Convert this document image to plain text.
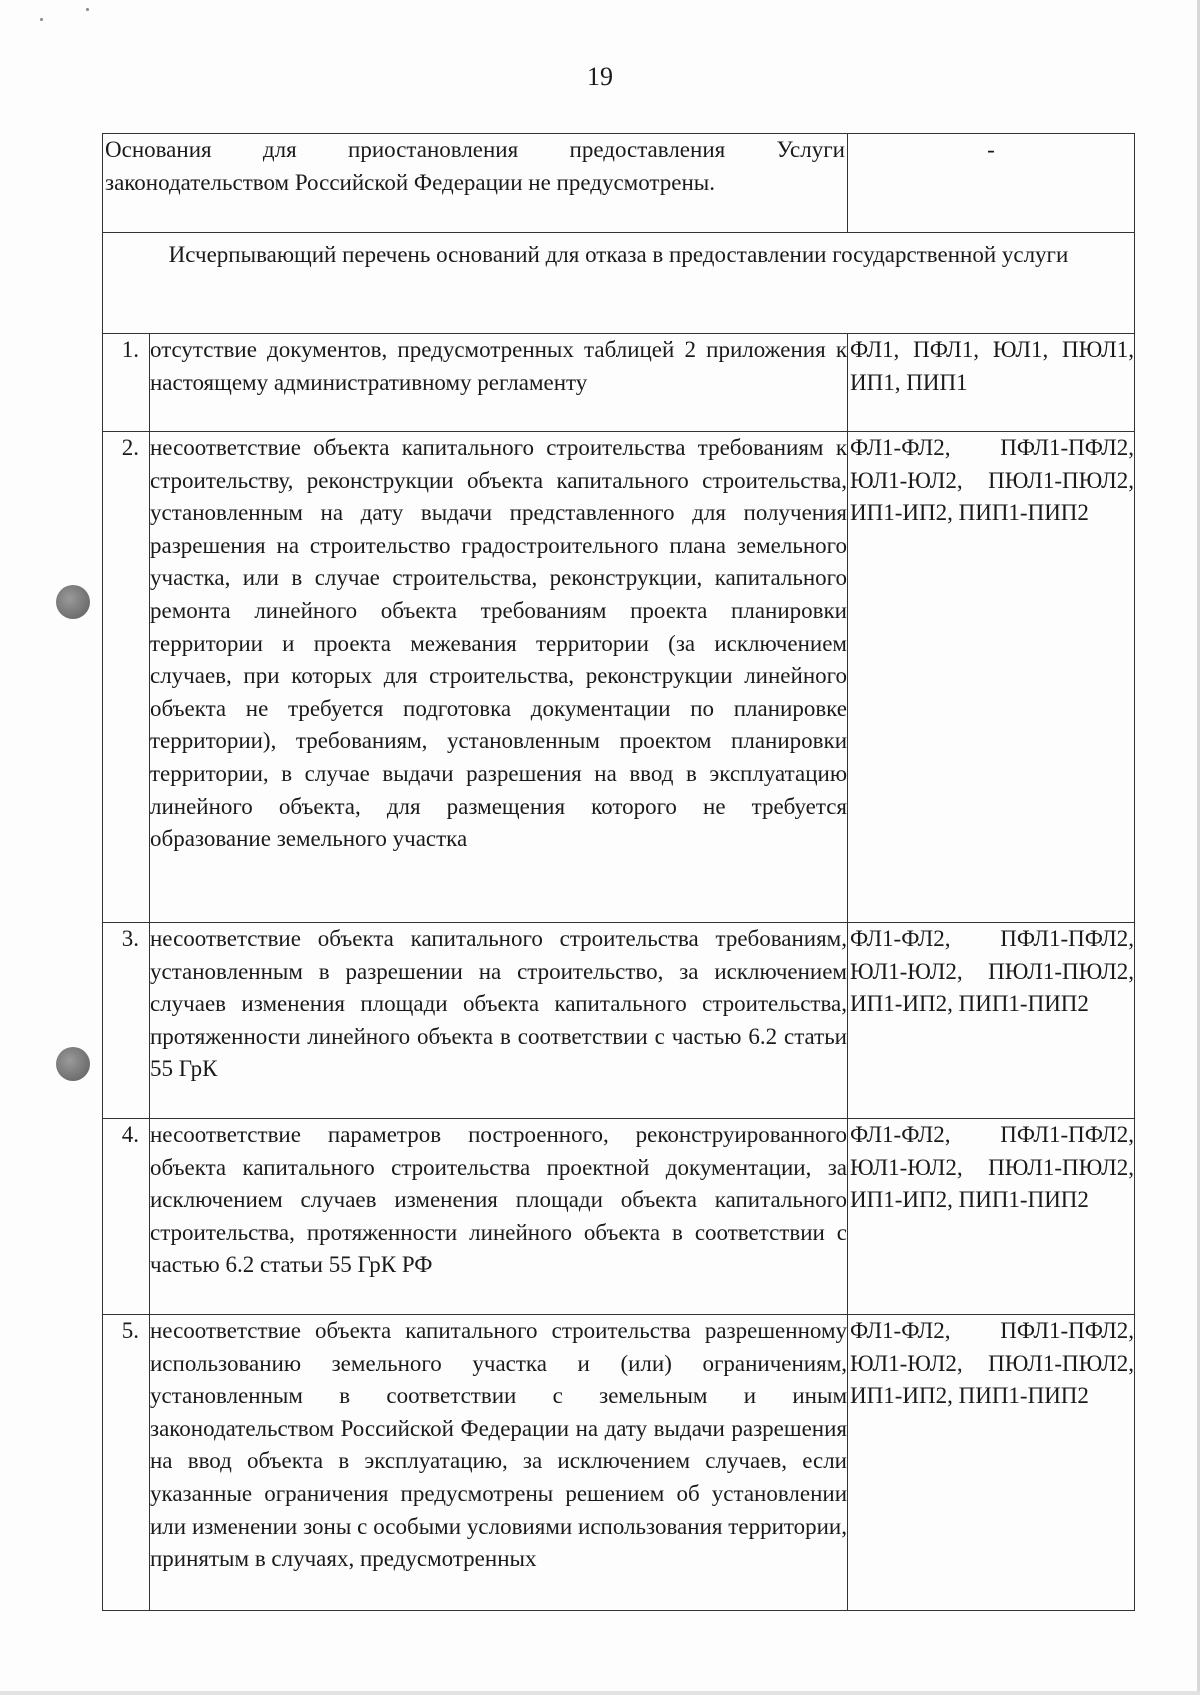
19
Основания для приостановления предоставления Услуги законодательством Российской Федерации не предусмотрены.		-
Исчерпывающий перечень оснований для отказа в предоставлении государственной услуги		
1.	отсутствие документов, предусмотренных таблицей 2 приложения к настоящему административному регламенту	ФЛ1, ПФЛ1, ЮЛ1, ПЮЛ1, ИП1, ПИП1
2.	несоответствие объекта капитального строительства требованиям к строительству, реконструкции объекта капитального строительства, установленным на дату выдачи представленного для получения разрешения на строительство градостроительного плана земельного участка, или в случае строительства, реконструкции, капитального ремонта линейного объекта требованиям проекта планировки территории и проекта межевания территории (за исключением случаев, при которых для строительства, реконструкции линейного объекта не требуется подготовка документации по планировке территории), требованиям, установленным проектом планировки территории, в случае выдачи разрешения на ввод в эксплуатацию линейного объекта, для размещения которого не требуется образование земельного участка	ФЛ1-ФЛ2, ПФЛ1-ПФЛ2, ЮЛ1-ЮЛ2, ПЮЛ1-ПЮЛ2, ИП1-ИП2, ПИП1-ПИП2
3.	несоответствие объекта капитального строительства требованиям, установленным в разрешении на строительство, за исключением случаев изменения площади объекта капитального строительства, протяженности линейного объекта в соответствии с частью 6.2 статьи 55 ГрК	ФЛ1-ФЛ2, ПФЛ1-ПФЛ2, ЮЛ1-ЮЛ2, ПЮЛ1-ПЮЛ2, ИП1-ИП2, ПИП1-ПИП2
4.	несоответствие параметров построенного, реконструированного объекта капитального строительства проектной документации, за исключением случаев изменения площади объекта капитального строительства, протяженности линейного объекта в соответствии с частью 6.2 статьи 55 ГрК РФ	ФЛ1-ФЛ2, ПФЛ1-ПФЛ2, ЮЛ1-ЮЛ2, ПЮЛ1-ПЮЛ2, ИП1-ИП2, ПИП1-ПИП2
5.	несоответствие объекта капитального строительства разрешенному использованию земельного участка и (или) ограничениям, установленным в соответствии с земельным и иным законодательством Российской Федерации на дату выдачи разрешения на ввод объекта в эксплуатацию, за исключением случаев, если указанные ограничения предусмотрены решением об установлении или изменении зоны с особыми условиями использования территории, принятым в случаях, предусмотренных	ФЛ1-ФЛ2, ПФЛ1-ПФЛ2, ЮЛ1-ЮЛ2, ПЮЛ1-ПЮЛ2, ИП1-ИП2, ПИП1-ПИП2
